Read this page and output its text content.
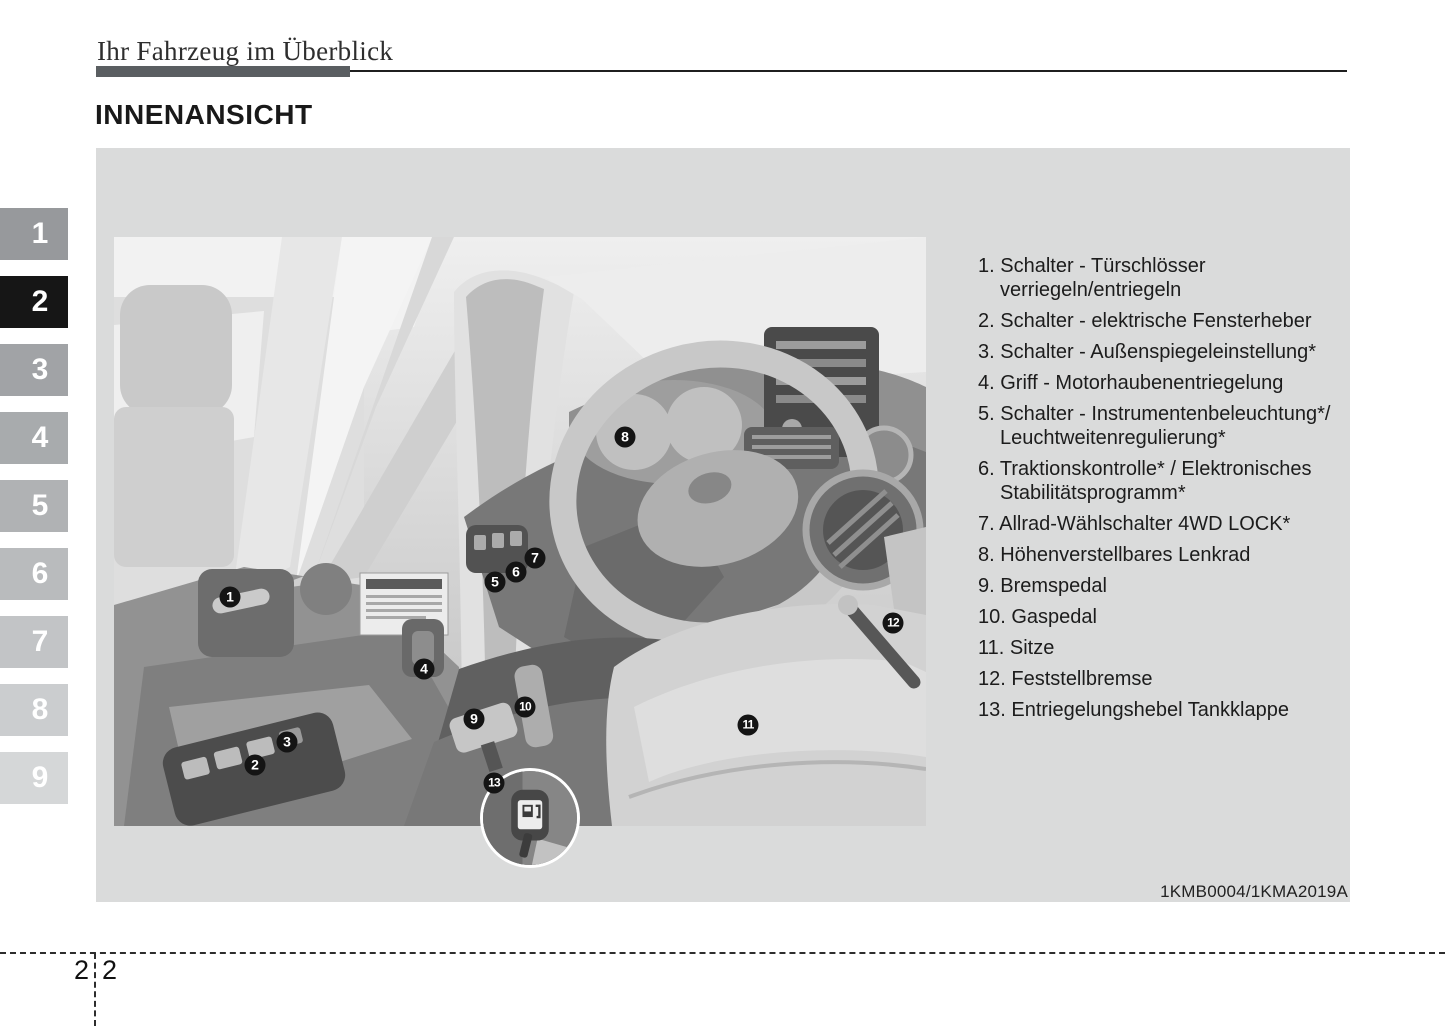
Ihr Fahrzeug im Überblick
INNENANSICHT
1
2
3
4
5
6
7
8
9
1
2
3
4
5
6
7
8
9
10
11
12
13
1. Schalter - Türschlösser
verriegeln/entriegeln
2. Schalter - elektrische Fensterheber
3. Schalter - Außenspiegeleinstellung*
4. Griff - Motorhaubenentriegelung
5. Schalter - Instrumentenbeleuchtung*/
Leuchtweitenregulierung*
6. Traktionskontrolle* / Elektronisches
Stabilitätsprogramm*
7. Allrad-Wählschalter 4WD LOCK*
8. Höhenverstellbares Lenkrad
9. Bremspedal
10. Gaspedal
11. Sitze
12. Feststellbremse
13. Entriegelungshebel Tankklappe
1KMB0004/1KMA2019A
2 2
